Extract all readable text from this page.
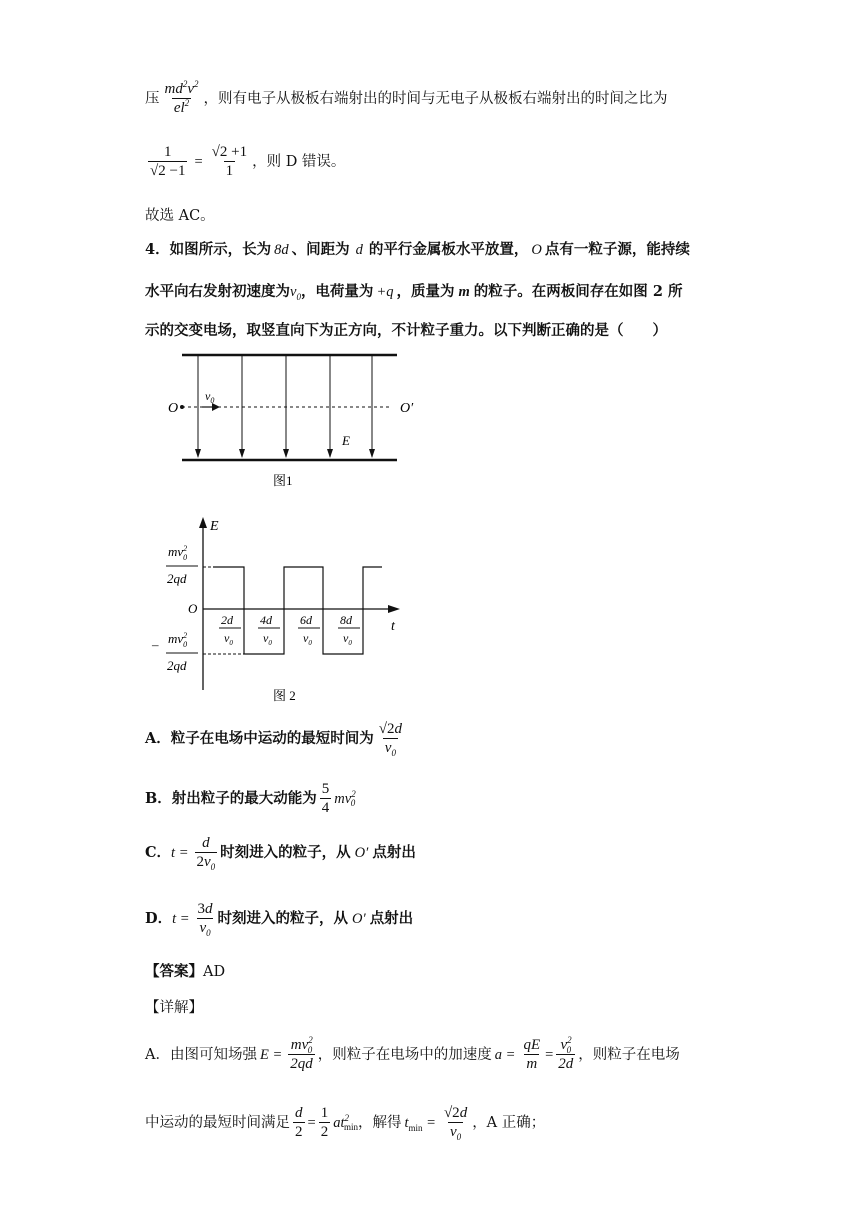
压 $\frac{md^2v^2}{el^2}$ ，则有电子从极板右端射出的时间与无电子从极板右端射出的时间之比为
$\frac{1}{√2 -1} = \frac{√2 +1}{1}$ ，则 D 错误。
故选 AC。
4． 如图所示，长为 8d 、间距为 d 的平行金属板水平放置， O 点有一粒子源，能持续
水平向右发射初速度为 $v_0$ ，电荷量为 +q ，质量为 m 的粒子。在两板间存在如图 2 所
示的交变电场，取竖直向下为正方向，不计粒子重力。以下判断正确的是（　　）
O	O′
$v_0$
E
图1
E
t
O
$mv^2$ 0
2qd
– $mv^2$ 0
2qd
2d
$v_0$
4d
$v_0$
6d
$v_0$
8d
$v_0$
图 2
A． 粒子在电场中运动的最短时间为 $\frac{√2d}{v_0}$
B． 射出粒子的最大动能为 $\frac{5}{4} mv^2_0$
C． $t = \frac{d}{2v_0}$ 时刻进入的粒子，从 O′ 点射出
D． $t = \frac{3d}{v_0}$ 时刻进入的粒子，从 O′ 点射出
【答案】AD
【详解】
A．由图可知场强 $E = \frac{mv^2_0}{2qd}$ ，则粒子在电场中的加速度 $a = \frac{qE}{m} = \frac{v^2_0}{2d}$ ，则粒子在电场
中运动的最短时间满足 $\frac{d}{2} = \frac{1}{2} at^2_{min}$ ，解得 $t_{min} = \frac{√2d}{v_0}$ ，A 正确；
